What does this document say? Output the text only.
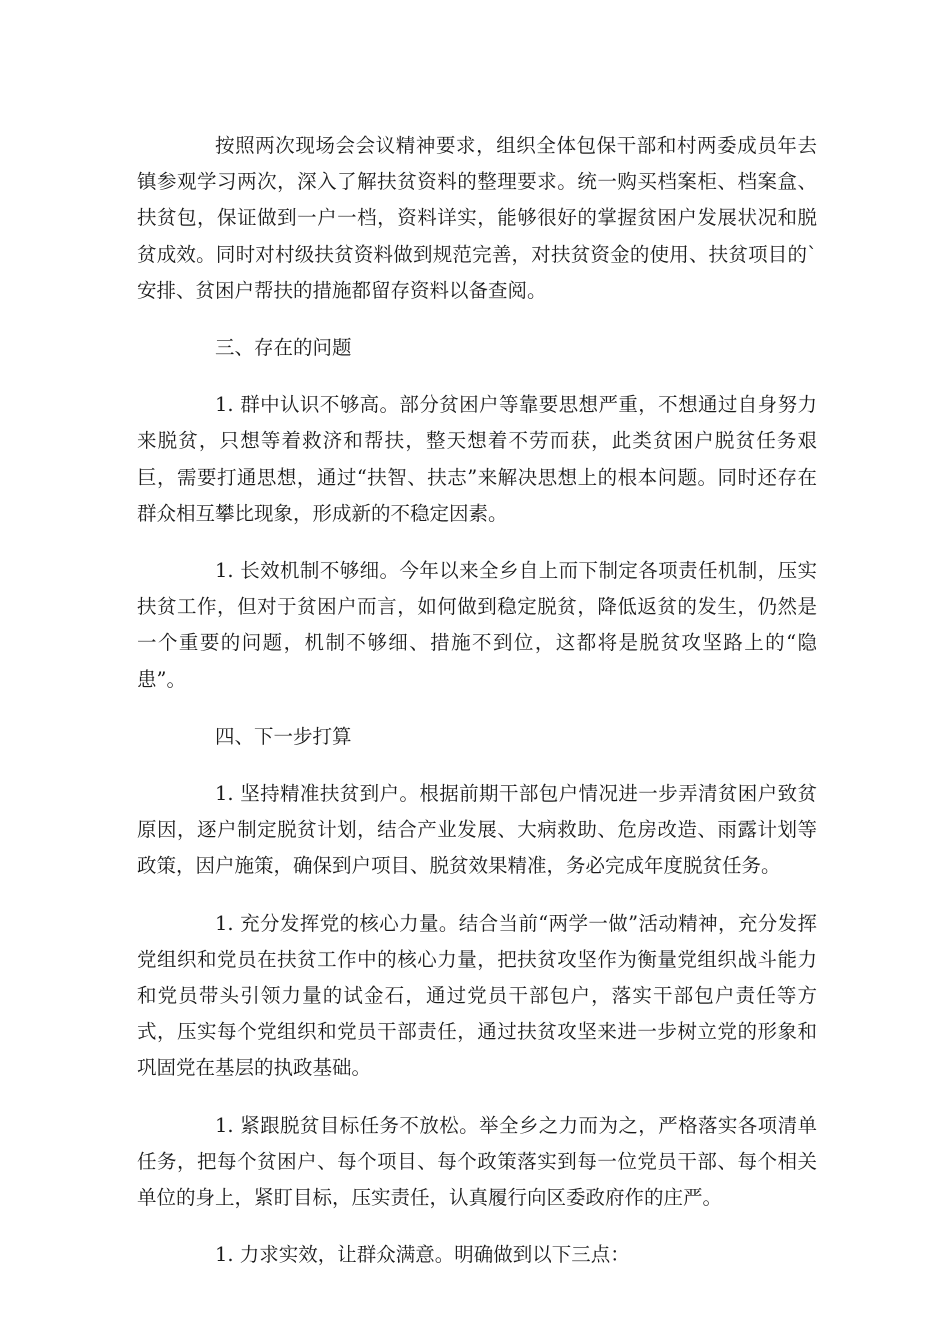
按照两次现场会会议精神要求，组织全体包保干部和村两委成员年去镇参观学习两次，深入了解扶贫资料的整理要求。统一购买档案柜、档案盒、扶贫包，保证做到一户一档，资料详实，能够很好的掌握贫困户发展状况和脱贫成效。同时对村级扶贫资料做到规范完善，对扶贫资金的使用、扶贫项目的`安排、贫困户帮扶的措施都留存资料以备查阅。

三、存在的问题

1. 群中认识不够高。部分贫困户等靠要思想严重，不想通过自身努力来脱贫，只想等着救济和帮扶，整天想着不劳而获，此类贫困户脱贫任务艰巨，需要打通思想，通过“扶智、扶志”来解决思想上的根本问题。同时还存在群众相互攀比现象，形成新的不稳定因素。

1. 长效机制不够细。今年以来全乡自上而下制定各项责任机制，压实扶贫工作，但对于贫困户而言，如何做到稳定脱贫，降低返贫的发生，仍然是一个重要的问题，机制不够细、措施不到位，这都将是脱贫攻坚路上的“隐患”。

四、下一步打算

1. 坚持精准扶贫到户。根据前期干部包户情况进一步弄清贫困户致贫原因，逐户制定脱贫计划，结合产业发展、大病救助、危房改造、雨露计划等政策，因户施策，确保到户项目、脱贫效果精准，务必完成年度脱贫任务。

1. 充分发挥党的核心力量。结合当前“两学一做”活动精神，充分发挥党组织和党员在扶贫工作中的核心力量，把扶贫攻坚作为衡量党组织战斗能力和党员带头引领力量的试金石，通过党员干部包户，落实干部包户责任等方式，压实每个党组织和党员干部责任，通过扶贫攻坚来进一步树立党的形象和巩固党在基层的执政基础。

1. 紧跟脱贫目标任务不放松。举全乡之力而为之，严格落实各项清单任务，把每个贫困户、每个项目、每个政策落实到每一位党员干部、每个相关单位的身上，紧盯目标，压实责任，认真履行向区委政府作的庄严。

1. 力求实效，让群众满意。明确做到以下三点：
